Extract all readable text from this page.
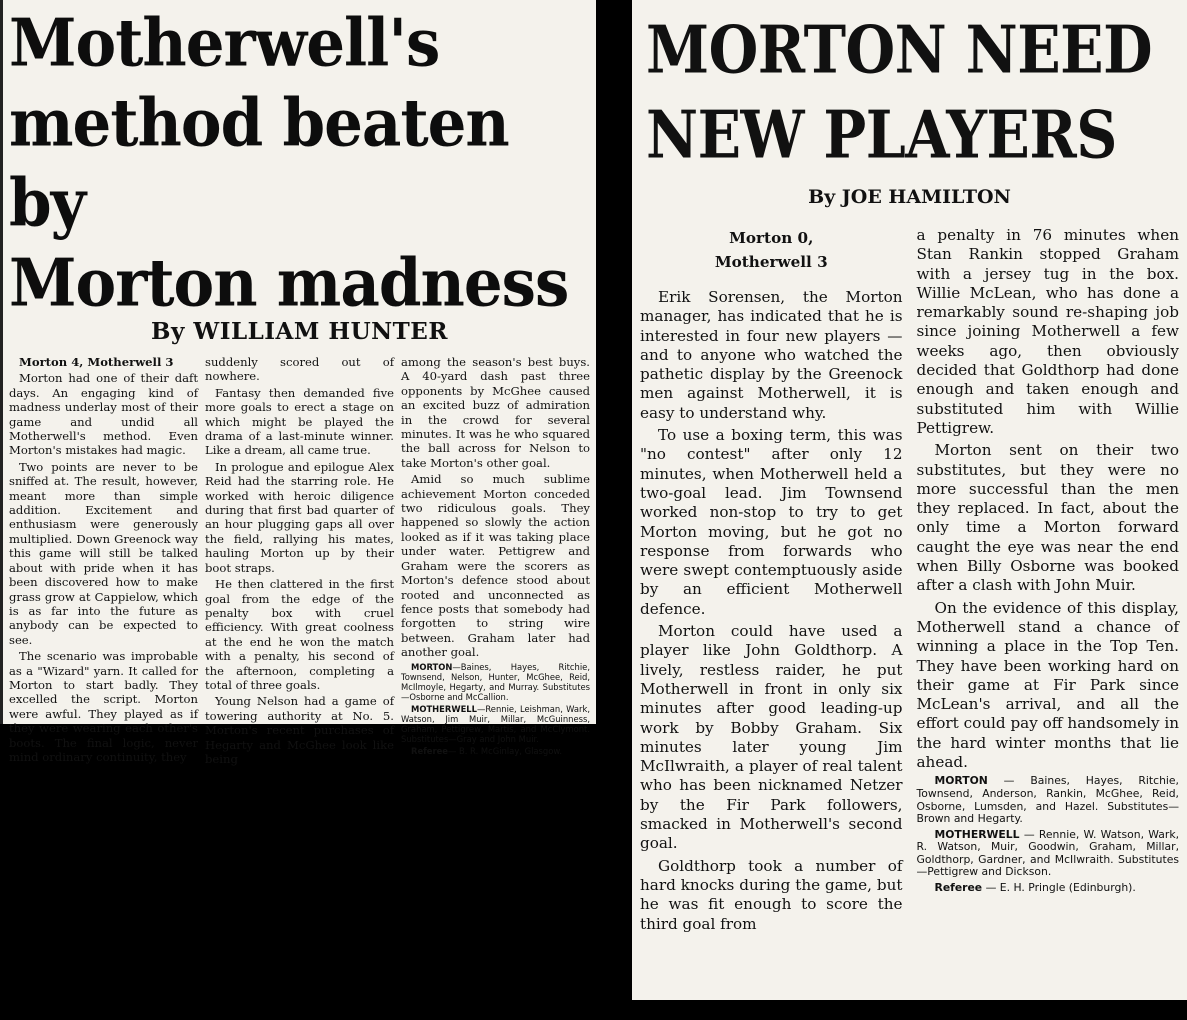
Motherwell's
method beaten by
Morton madness
By WILLIAM HUNTER

Morton 4, Motherwell 3

Morton had one of their daft days. An engaging kind of madness underlay most of their game and undid all Motherwell's method. Even Morton's mistakes had magic.

Two points are never to be sniffed at. The result, however, meant more than simple addition. Excitement and enthusiasm were generously multiplied. Down Greenock way this game will still be talked about with pride when it has been discovered how to make grass grow at Cappielow, which is as far into the future as anybody can be expected to see.

The scenario was improbable as a "Wizard" yarn. It called for Morton to start badly. They excelled the script. Morton were awful. They played as if they were wearing each other's boots. The final logic, never mind ordinary continuity, they

suddenly scored out of nowhere.

Fantasy then demanded five more goals to erect a stage on which might be played the drama of a last-minute winner. Like a dream, all came true.

In prologue and epilogue Alex Reid had the starring role. He worked with heroic diligence during that first bad quarter of an hour plugging gaps all over the field, rallying his mates, hauling Morton up by their boot straps.

He then clattered in the first goal from the edge of the penalty box with cruel efficiency. With great coolness at the end he won the match with a penalty, his second of the afternoon, completing a total of three goals.

Young Nelson had a game of towering authority at No. 5. Morton's recent purchases of Hegarty and McGhee look like being

among the season's best buys. A 40-yard dash past three opponents by McGhee caused an excited buzz of admiration in the crowd for several minutes. It was he who squared the ball across for Nelson to take Morton's other goal.

Amid so much sublime achievement Morton conceded two ridiculous goals. They happened so slowly the action looked as if it was taking place under water. Pettigrew and Graham were the scorers as Morton's defence stood about rooted and unconnected as fence posts that somebody had forgotten to string wire between. Graham later had another goal.

MORTON—Baines, Hayes, Ritchie, Townsend, Nelson, Hunter, McGhee, Reid, McIlmoyle, Hegarty, and Murray. Substitutes—Osborne and McCallion.

MOTHERWELL—Rennie, Leishman, Wark, Watson, Jim Muir, Millar, McGuinness, Graham, Pettigrew, Martis, and McClymont. Substitutes—Gray and John Muir.

Referee— B. R. McGinlay, Glasgow.

MORTON NEED
NEW PLAYERS
By JOE HAMILTON

Morton 0,
Motherwell 3

Erik Sorensen, the Morton manager, has indicated that he is interested in four new players — and to anyone who watched the pathetic display by the Greenock men against Motherwell, it is easy to understand why.

To use a boxing term, this was "no contest" after only 12 minutes, when Motherwell held a two-goal lead. Jim Townsend worked non-stop to try to get Morton moving, but he got no response from forwards who were swept contemptuously aside by an efficient Motherwell defence.

Morton could have used a player like John Goldthorp. A lively, restless raider, he put Motherwell in front in only six minutes after good leading-up work by Bobby Graham. Six minutes later young Jim McIlwraith, a player of real talent who has been nicknamed Netzer by the Fir Park followers, smacked in Motherwell's second goal.

Goldthorp took a number of hard knocks during the game, but he was fit enough to score the third goal from

a penalty in 76 minutes when Stan Rankin stopped Graham with a jersey tug in the box. Willie McLean, who has done a remarkably sound re-shaping job since joining Motherwell a few weeks ago, then obviously decided that Goldthorp had done enough and taken enough and substituted him with Willie Pettigrew.

Morton sent on their two substitutes, but they were no more successful than the men they replaced. In fact, about the only time a Morton forward caught the eye was near the end when Billy Osborne was booked after a clash with John Muir.

On the evidence of this display, Motherwell stand a chance of winning a place in the Top Ten. They have been working hard on their game at Fir Park since McLean's arrival, and all the effort could pay off handsomely in the hard winter months that lie ahead.

MORTON — Baines, Hayes, Ritchie, Townsend, Anderson, Rankin, McGhee, Reid, Osborne, Lumsden, and Hazel. Substitutes—Brown and Hegarty.

MOTHERWELL — Rennie, W. Watson, Wark, R. Watson, Muir, Goodwin, Graham, Millar, Goldthorp, Gardner, and McIlwraith. Substitutes—Pettigrew and Dickson.

Referee — E. H. Pringle (Edinburgh).
